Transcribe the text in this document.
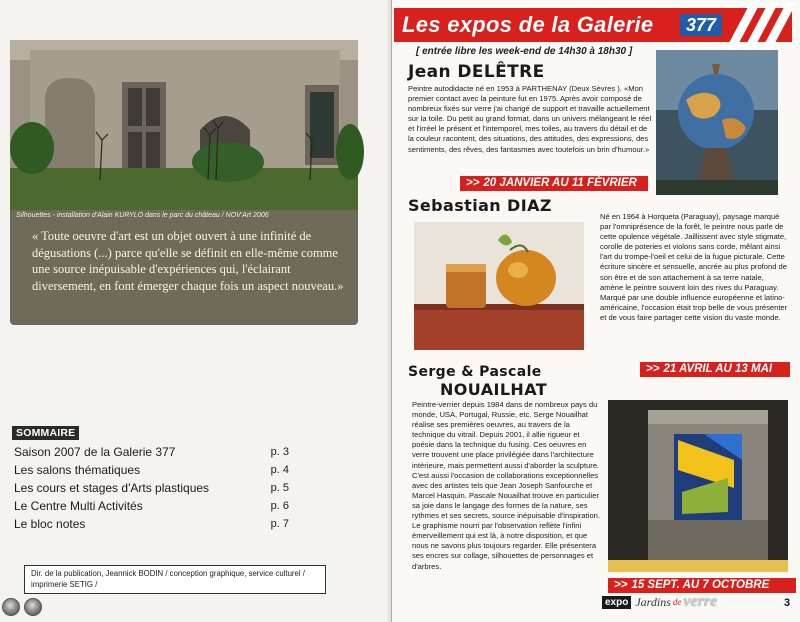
Silhouettes - installation d'Alain KURYLO dans le parc du château / NOV'Art 2006
« Toute oeuvre d'art est un objet ouvert à une infinité de dégusations (...) parce qu'elle se définit en elle-même comme une source inépuisable d'expériences qui, l'éclairant diversement, en font émerger chaque fois un aspect nouveau.»
Umberto Eco
SOMMAIRE
Saison 2007 de la Galerie 377	p. 3
Les salons thématiques	p. 4
Les cours et stages d'Arts plastiques	p. 5
Le Centre Multi Activités	p. 6
Le bloc notes	p. 7
Dir. de la publication, Jeannick BODIN / conception graphique, service culturel / imprimerie SETIG /
Les expos de la Galerie	377
[ entrée libre les week-end de 14h30 à 18h30 ]
Jean DELÊTRE
Peintre autodidacte né en 1953 à PARTHENAY (Deux Sèvres ). «Mon premier contact avec la peinture fut en 1975. Après avoir composé de nombreux fixés sur verre j'ai changé de support et travaille actuellement sur la toile. Du petit au grand format, dans un univers mélangeant le réel et l'irréel le présent et l'intemporel, mes toiles, au travers du détail et de la couleur racontent, des situations, des attitudes, des expressions, des sentiments, des rêves, des fantasmes avec toutefois un brin d'humour.»
>> 20 JANVIER AU 11 FÉVRIER
Sebastian DIAZ
Né en 1964 à Horqueta (Paraguay), paysage marqué par l'omniprésence de la forêt, le peintre nous parle de cette opulence végétale. Jaillissent avec style stigmate, corolle de poteries et violons sans corde, mêlant ainsi l'art du trompe-l'oeil et celui de la fugue picturale. Cette écriture sincère et sensuelle, ancrée au plus profond de son être et de son attachement à sa terre natale, amène le peintre souvent loin des rives du Paraguay. Marqué par une double influence européenne et latino-américaine, l'occasion était trop belle de vous présenter et de vous faire partager cette vision du vaste monde.
>> 21 AVRIL AU 13 MAI
Serge & Pascale
NOUAILHAT
Peintre-verrier depuis 1984 dans de nombreux pays du monde, USA, Portugal, Russie, etc. Serge Nouailhat réalise ses premières oeuvres, au travers de la technique du vitrail. Depuis 2001, il allie rigueur et poésie dans la technique du fusing. Ces oeuvres en verre trouvent une place privilégiée dans l'architecture intérieure, mais permettent aussi d'aborder la sculpture. C'est aussi l'occasion de collaborations exceptionnelles avec des artistes tels que Jean Joseph Sanfourche et Marcel Hasquin. Pascale Nouailhat trouve en particulier sa joie dans le langage des formes de la nature, ses rythmes et ses secrets, source inépuisable d'inspiration. Le graphisme nourri par l'observation reflète l'infini émerveillement qui est là, à notre disposition, et que nous ne savons plus toujours regarder. Elle présentera ses encres sur collage, silhouettes de personnages et d'arbres.
>> 15 SEPT. AU 7 OCTOBRE
expo Jardins de verre	3
